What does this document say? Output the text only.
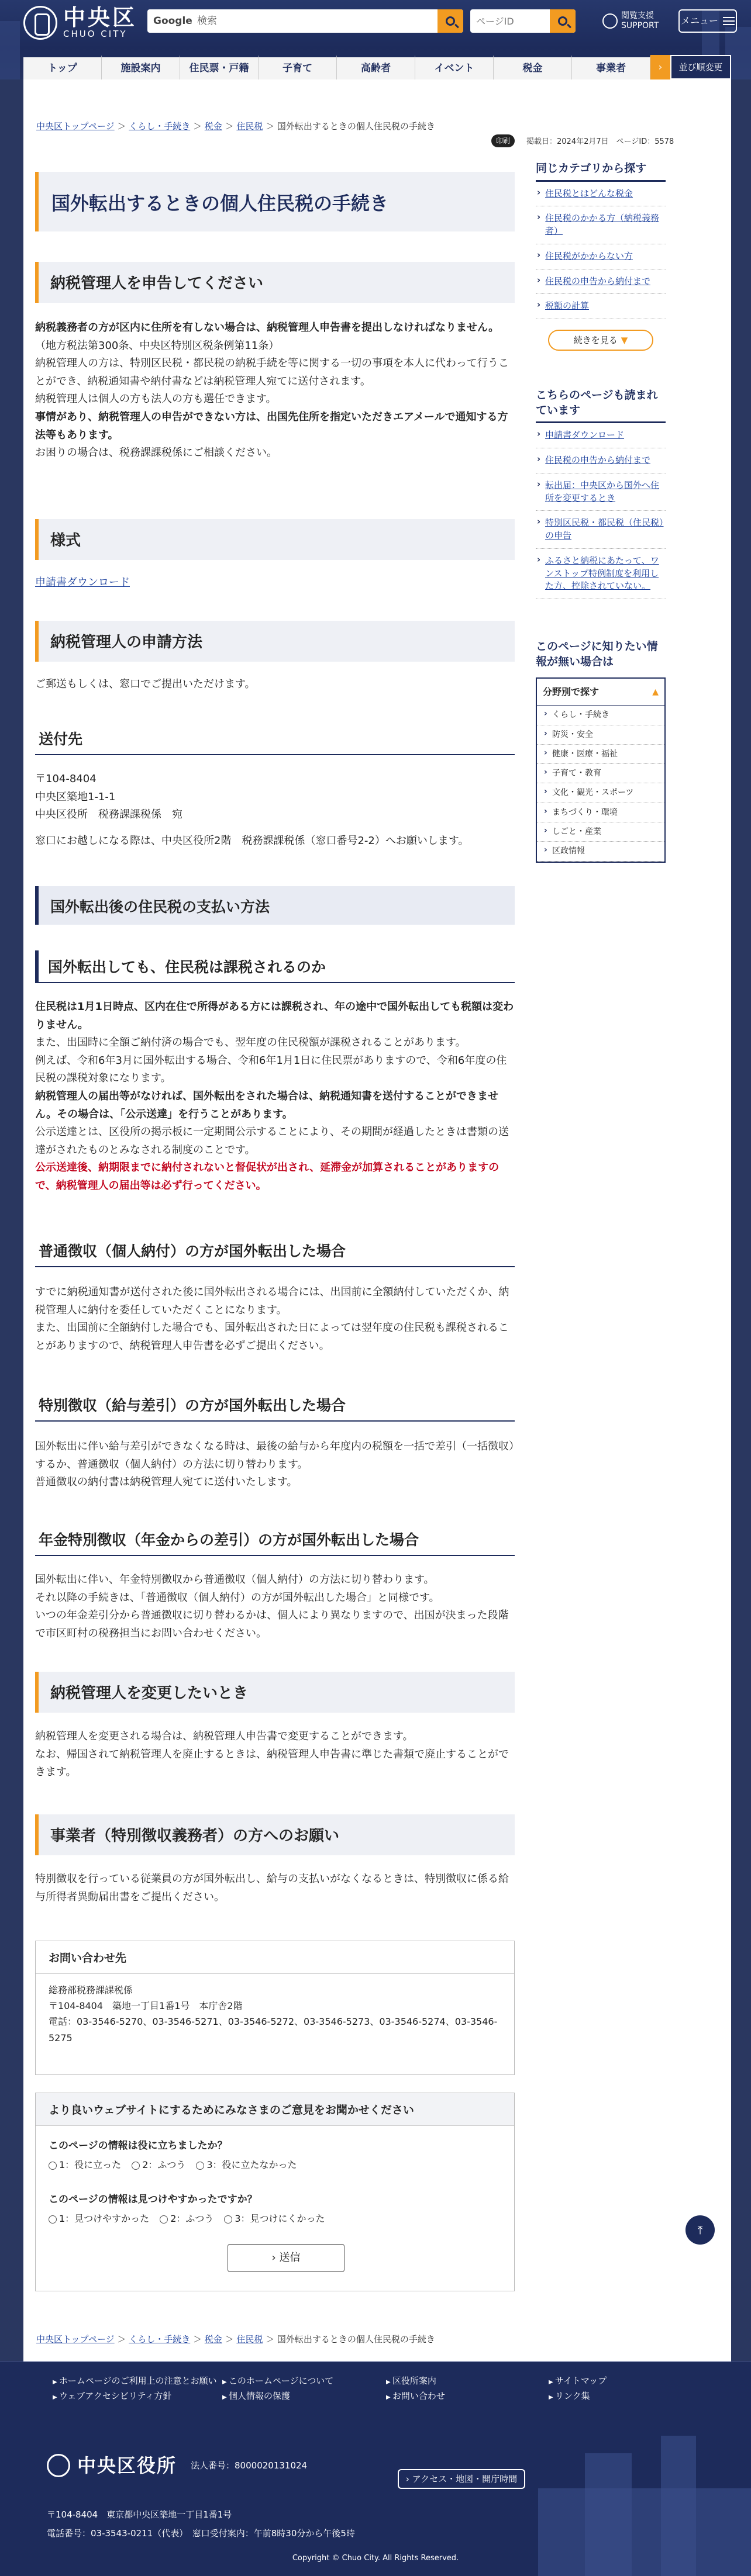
中央区
CHUO CITY
Google 検索	ページID	閲覧支援
SUPPORT メニュー
トップ	施設案内	住民票・戸籍	子育て	高齢者	イベント	税金	事業者	›	並び順変更
中央区トップページ ＞ くらし・手続き ＞ 税金 ＞ 住民税 ＞ 国外転出するときの個人住民税の手続き
印刷	掲載日：2024年2月7日　ページID：5578
国外転出するときの個人住民税の手続き
納税管理人を申告してください
納税義務者の方が区内に住所を有しない場合は、納税管理人申告書を提出しなければなりません。
（地方税法第300条、中央区特別区税条例第11条）
納税管理人の方は、特別区民税・都民税の納税手続を等に関する一切の事項を本人に代わって行うことができ、納税通知書や納付書などは納税管理人宛てに送付されます。
納税管理人は個人の方も法人の方も選任できます。
事情があり、納税管理人の申告ができない方は、出国先住所を指定いただきエアメールで通知する方法等もあります。
お困りの場合は、税務課課税係にご相談ください。
様式
申請書ダウンロード
納税管理人の申請方法
ご郵送もしくは、窓口でご提出いただけます。
送付先
〒104-8404
中央区築地1-1-1
中央区役所　税務課課税係　宛
窓口にお越しになる際は、中央区役所2階　税務課課税係（窓口番号2-2）へお願いします。
国外転出後の住民税の支払い方法
国外転出しても、住民税は課税されるのか
住民税は1月1日時点、区内在住で所得がある方には課税され、年の途中で国外転出しても税額は変わりません。
また、出国時に全額ご納付済の場合でも、翌年度の住民税額が課税されることがあります。
例えば、令和6年3月に国外転出する場合、令和6年1月1日に住民票がありますので、令和6年度の住民税の課税対象になります。
納税管理人の届出等がなければ、国外転出をされた場合は、納税通知書を送付することができません。その場合は、「公示送達」を行うことがあります。
公示送達とは、区役所の掲示板に一定期間公示することにより、その期間が経過したときは書類の送達がされたものとみなされる制度のことです。
公示送達後、納期限までに納付されないと督促状が出され、延滞金が加算されることがありますので、納税管理人の届出等は必ず行ってください。
普通徴収（個人納付）の方が国外転出した場合
すでに納税通知書が送付された後に国外転出される場合には、出国前に全額納付していただくか、納税管理人に納付を委任していただくことになります。
また、出国前に全額納付した場合でも、国外転出された日によっては翌年度の住民税も課税されることがありますので、納税管理人申告書を必ずご提出ください。
特別徴収（給与差引）の方が国外転出した場合
国外転出に伴い給与差引ができなくなる時は、最後の給与から年度内の税額を一括で差引（一括徴収）するか、普通徴収（個人納付）の方法に切り替わります。
普通徴収の納付書は納税管理人宛てに送付いたします。
年金特別徴収（年金からの差引）の方が国外転出した場合
国外転出に伴い、年金特別徴収から普通徴収（個人納付）の方法に切り替わります。
それ以降の手続きは、「普通徴収（個人納付）の方が国外転出した場合」と同様です。
いつの年金差引分から普通徴収に切り替わるかは、個人により異なりますので、出国が決まった段階で市区町村の税務担当にお問い合わせください。
納税管理人を変更したいとき
納税管理人を変更される場合は、納税管理人申告書で変更することができます。
なお、帰国されて納税管理人を廃止するときは、納税管理人申告書に準じた書類で廃止することができます。
事業者（特別徴収義務者）の方へのお願い
特別徴収を行っている従業員の方が国外転出し、給与の支払いがなくなるときは、特別徴収に係る給与所得者異動届出書をご提出ください。
お問い合わせ先
総務部税務課課税係
〒104-8404　築地一丁目1番1号　本庁舎2階
電話：03-3546-5270、03-3546-5271、03-3546-5272、03-3546-5273、03-3546-5274、03-3546-5275
より良いウェブサイトにするためにみなさまのご意見をお聞かせください
このページの情報は役に立ちましたか？
1：役に立った	2：ふつう	3：役に立たなかった
このページの情報は見つけやすかったですか？
1：見つけやすかった	2：ふつう	3：見つけにくかった
› 送信
中央区トップページ ＞ くらし・手続き ＞ 税金 ＞ 住民税 ＞ 国外転出するときの個人住民税の手続き
同じカテゴリから探す
› 住民税とはどんな税金
› 住民税のかかる方（納税義務者）
› 住民税がかからない方
› 住民税の申告から納付まで
› 税額の計算
続きを見る ▼
こちらのページも読まれています
› 申請書ダウンロード
› 住民税の申告から納付まで
› 転出届：中央区から国外へ住所を変更するとき
› 特別区民税・都民税（住民税）の申告
› ふるさと納税にあたって、ワンストップ特例制度を利用した方、控除されていない。
このページに知りたい情報が無い場合は
分野別で探す ▲
› くらし・手続き
› 防災・安全
› 健康・医療・福祉
› 子育て・教育
› 文化・観光・スポーツ
› まちづくり・環境
› しごと・産業
› 区政情報
⤒
▶ ホームページのご利用上の注意とお願い
▶ ウェブアクセシビリティ方針
▶ このホームページについて
▶ 個人情報の保護
▶ 区役所案内
▶ お問い合わせ
▶ サイトマップ
▶ リンク集
中央区役所 法人番号：8000020131024
› アクセス・地図・開庁時間
〒104-8404　東京都中央区築地一丁目1番1号
電話番号：03-3543-0211（代表）　窓口受付案内：午前8時30分から午後5時
Copyright © Chuo City. All Rights Reserved.
